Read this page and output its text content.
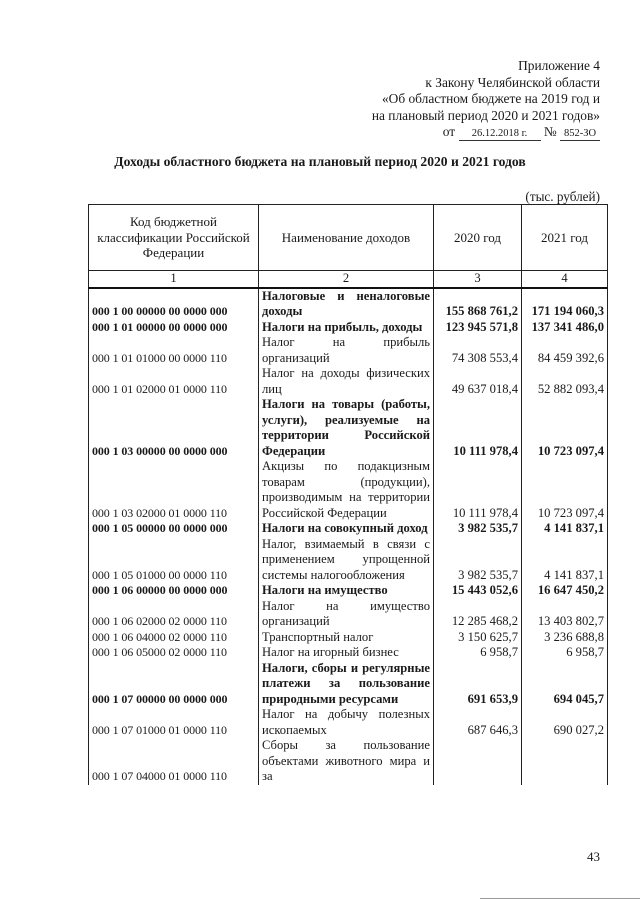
Приложение 4
к Закону Челябинской области
«Об областном бюджете на 2019 год и
на плановый период 2020 и 2021 годов»
от 26.12.2018 г. № 852-ЗО
Доходы областного бюджета на плановый период 2020 и 2021 годов
(тыс. рублей)
Код бюджетной классификации Российской Федерации	Наименование доходов	2020 год	2021 год
1	2	3	4
000 1 00 00000 00 0000 000	Налоговые и неналоговые доходы	155 868 761,2	171 194 060,3
000 1 01 00000 00 0000 000	Налоги на прибыль, доходы	123 945 571,8	137 341 486,0
000 1 01 01000 00 0000 110	Налог на прибыль организаций	74 308 553,4	84 459 392,6
000 1 01 02000 01 0000 110	Налог на доходы физических лиц	49 637 018,4	52 882 093,4
000 1 03 00000 00 0000 000	Налоги на товары (работы, услуги), реализуемые на территории Российской Федерации	10 111 978,4	10 723 097,4
000 1 03 02000 01 0000 110	Акцизы по подакцизным товарам (продукции), производимым на территории Российской Федерации	10 111 978,4	10 723 097,4
000 1 05 00000 00 0000 000	Налоги на совокупный доход	3 982 535,7	4 141 837,1
000 1 05 01000 00 0000 110	Налог, взимаемый в связи с применением упрощенной системы налогообложения	3 982 535,7	4 141 837,1
000 1 06 00000 00 0000 000	Налоги на имущество	15 443 052,6	16 647 450,2
000 1 06 02000 02 0000 110	Налог на имущество организаций	12 285 468,2	13 403 802,7
000 1 06 04000 02 0000 110	Транспортный налог	3 150 625,7	3 236 688,8
000 1 06 05000 02 0000 110	Налог на игорный бизнес	6 958,7	6 958,7
000 1 07 00000 00 0000 000	Налоги, сборы и регулярные платежи за пользование природными ресурсами	691 653,9	694 045,7
000 1 07 01000 01 0000 110	Налог на добычу полезных ископаемых	687 646,3	690 027,2
000 1 07 04000 01 0000 110	Сборы за пользование объектами животного мира и за		
43
